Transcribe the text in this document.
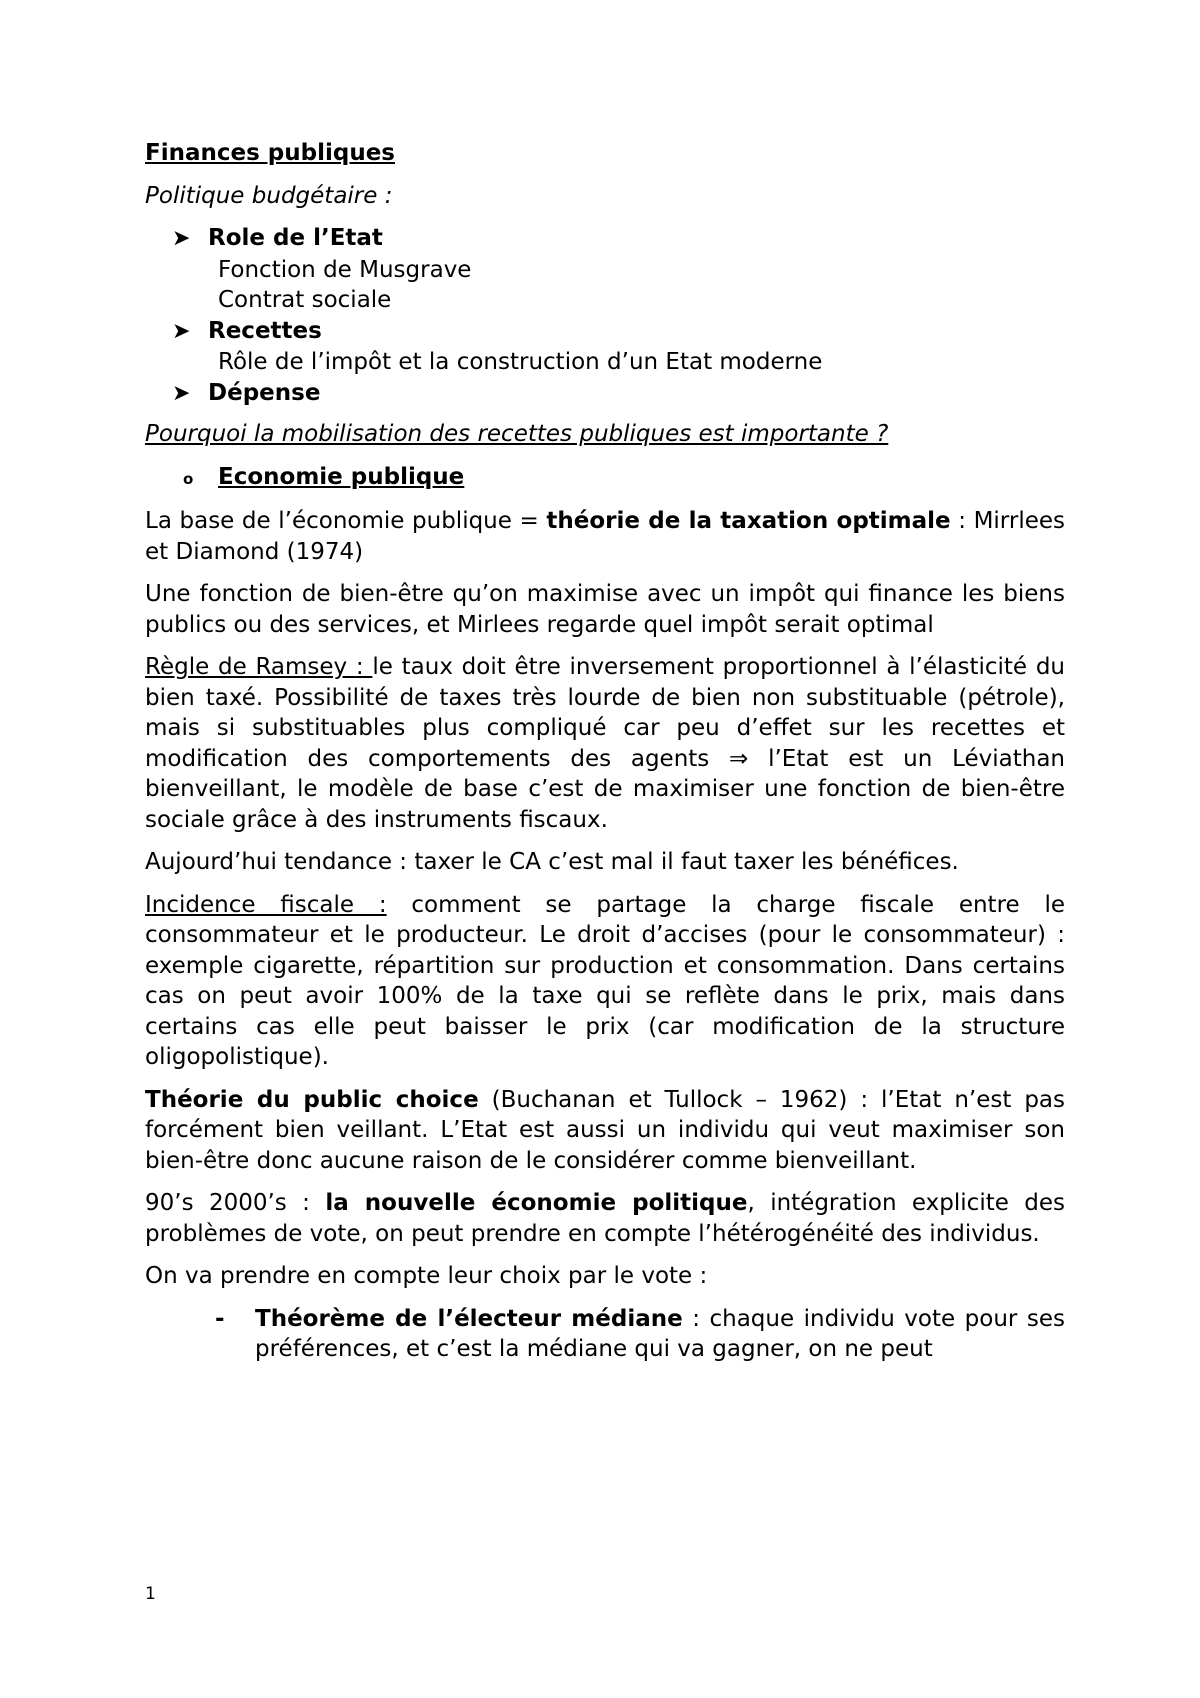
Finances publiques
Politique budgétaire :
➤ Role de l’Etat
Fonction de Musgrave
Contrat sociale
➤ Recettes
Rôle de l’impôt et la construction d’un Etat moderne
➤ Dépense
Pourquoi la mobilisation des recettes publiques est importante ?
o	Economie publique

La base de l’économie publique = théorie de la taxation optimale : Mirrlees et Diamond (1974)

Une fonction de bien-être qu’on maximise avec un impôt qui finance les biens publics ou des services, et Mirlees regarde quel impôt serait optimal

Règle de Ramsey : le taux doit être inversement proportionnel à l’élasticité du bien taxé. Possibilité de taxes très lourde de bien non substituable (pétrole), mais si substituables plus compliqué car peu d’effet sur les recettes et modification des comportements des agents ⇒ l’Etat est un Léviathan bienveillant, le modèle de base c’est de maximiser une fonction de bien-être sociale grâce à des instruments fiscaux.

Aujourd’hui tendance : taxer le CA c’est mal il faut taxer les bénéfices.

Incidence fiscale : comment se partage la charge fiscale entre le consommateur et le producteur. Le droit d’accises (pour le consommateur) : exemple cigarette, répartition sur production et consommation. Dans certains cas on peut avoir 100% de la taxe qui se reflète dans le prix, mais dans certains cas elle peut baisser le prix (car modification de la structure oligopolistique).

Théorie du public choice (Buchanan et Tullock – 1962) : l’Etat n’est pas forcément bien veillant. L’Etat est aussi un individu qui veut maximiser son bien-être donc aucune raison de le considérer comme bienveillant.

90’s 2000’s : la nouvelle économie politique, intégration explicite des problèmes de vote, on peut prendre en compte l’hétérogénéité des individus.

On va prendre en compte leur choix par le vote :

-	Théorème de l’électeur médiane : chaque individu vote pour ses préférences, et c’est la médiane qui va gagner, on ne peut
1
